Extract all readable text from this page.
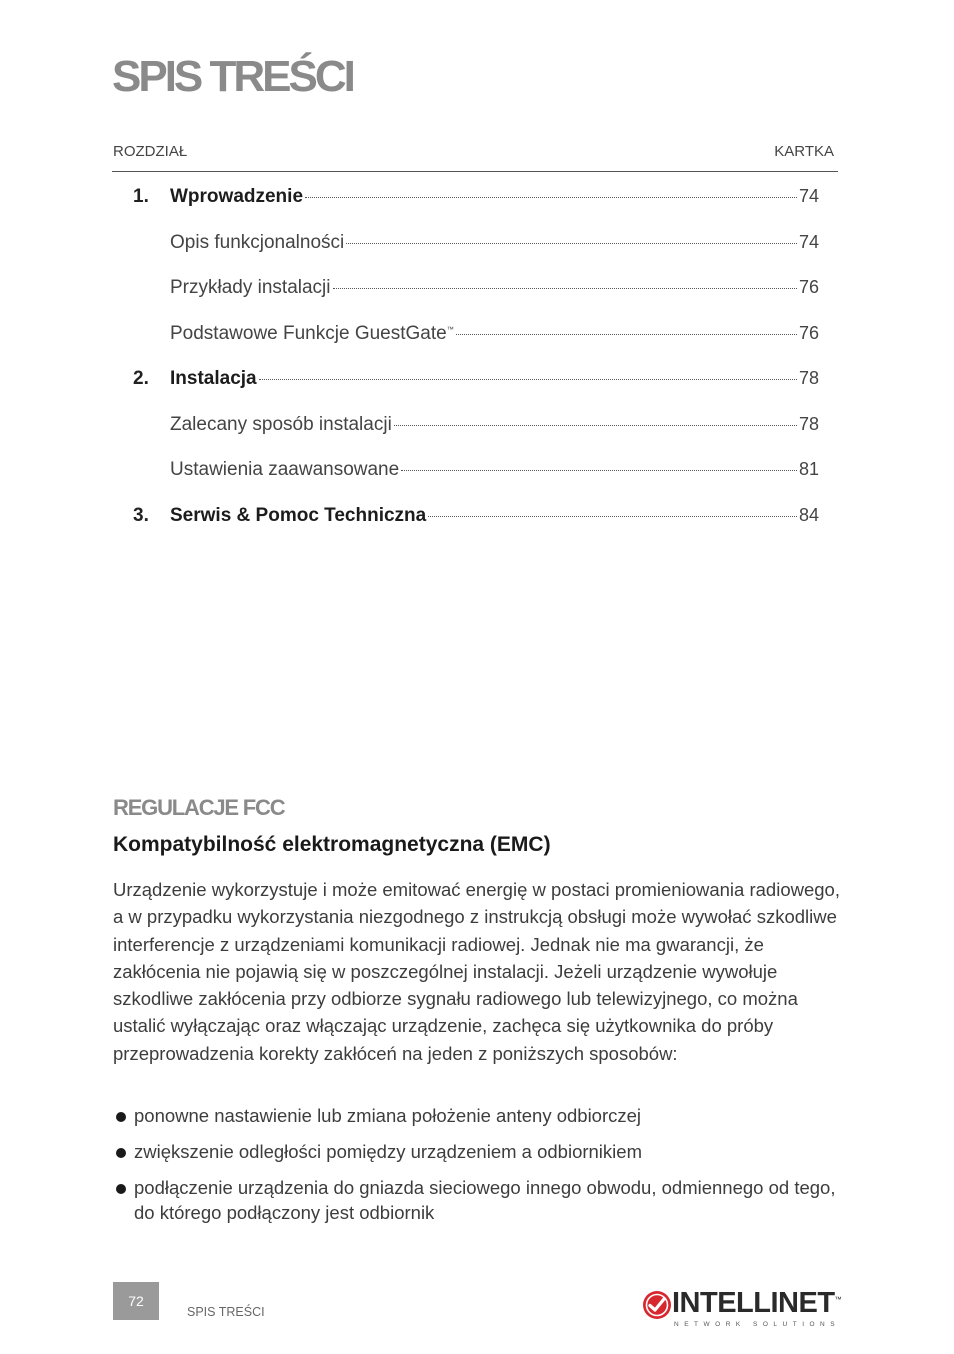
SPIS TREŚCI
ROZDZIAŁ	KARTKA
1.	Wprowadzenie	74
Opis funkcjonalności	74
Przykłady instalacji	76
Podstawowe Funkcje GuestGate™	76
2.	Instalacja	78
Zalecany sposób instalacji	78
Ustawienia zaawansowane	81
3.	Serwis & Pomoc Techniczna	84
REGULACJE FCC
Kompatybilność elektromagnetyczna (EMC)

Urządzenie wykorzystuje i może emitować energię w postaci promieniowania radiowego, a w przypadku wykorzystania niezgodnego z instrukcją obsługi może wywołać szkodliwe interferencje z urządzeniami komunikacji radiowej. Jednak nie ma gwarancji, że zakłócenia nie pojawią się w poszczególnej instalacji. Jeżeli urządzenie wywołuje szkodliwe zakłócenia przy odbiorze sygnału radiowego lub telewizyjnego, co można ustalić wyłączając oraz włączając urządzenie, zachęca się użytkownika do próby przeprowadzenia korekty zakłóceń na jeden z poniższych sposobów:

ponowne nastawienie lub zmiana położenie anteny odbiorczej
zwiększenie odległości pomiędzy urządzeniem a odbiornikiem
podłączenie urządzenia do gniazda sieciowego innego obwodu, odmiennego od tego, do którego podłączony jest odbiornik
72
SPIS TREŚCI	INTELLINET™
NETWORK SOLUTIONS
